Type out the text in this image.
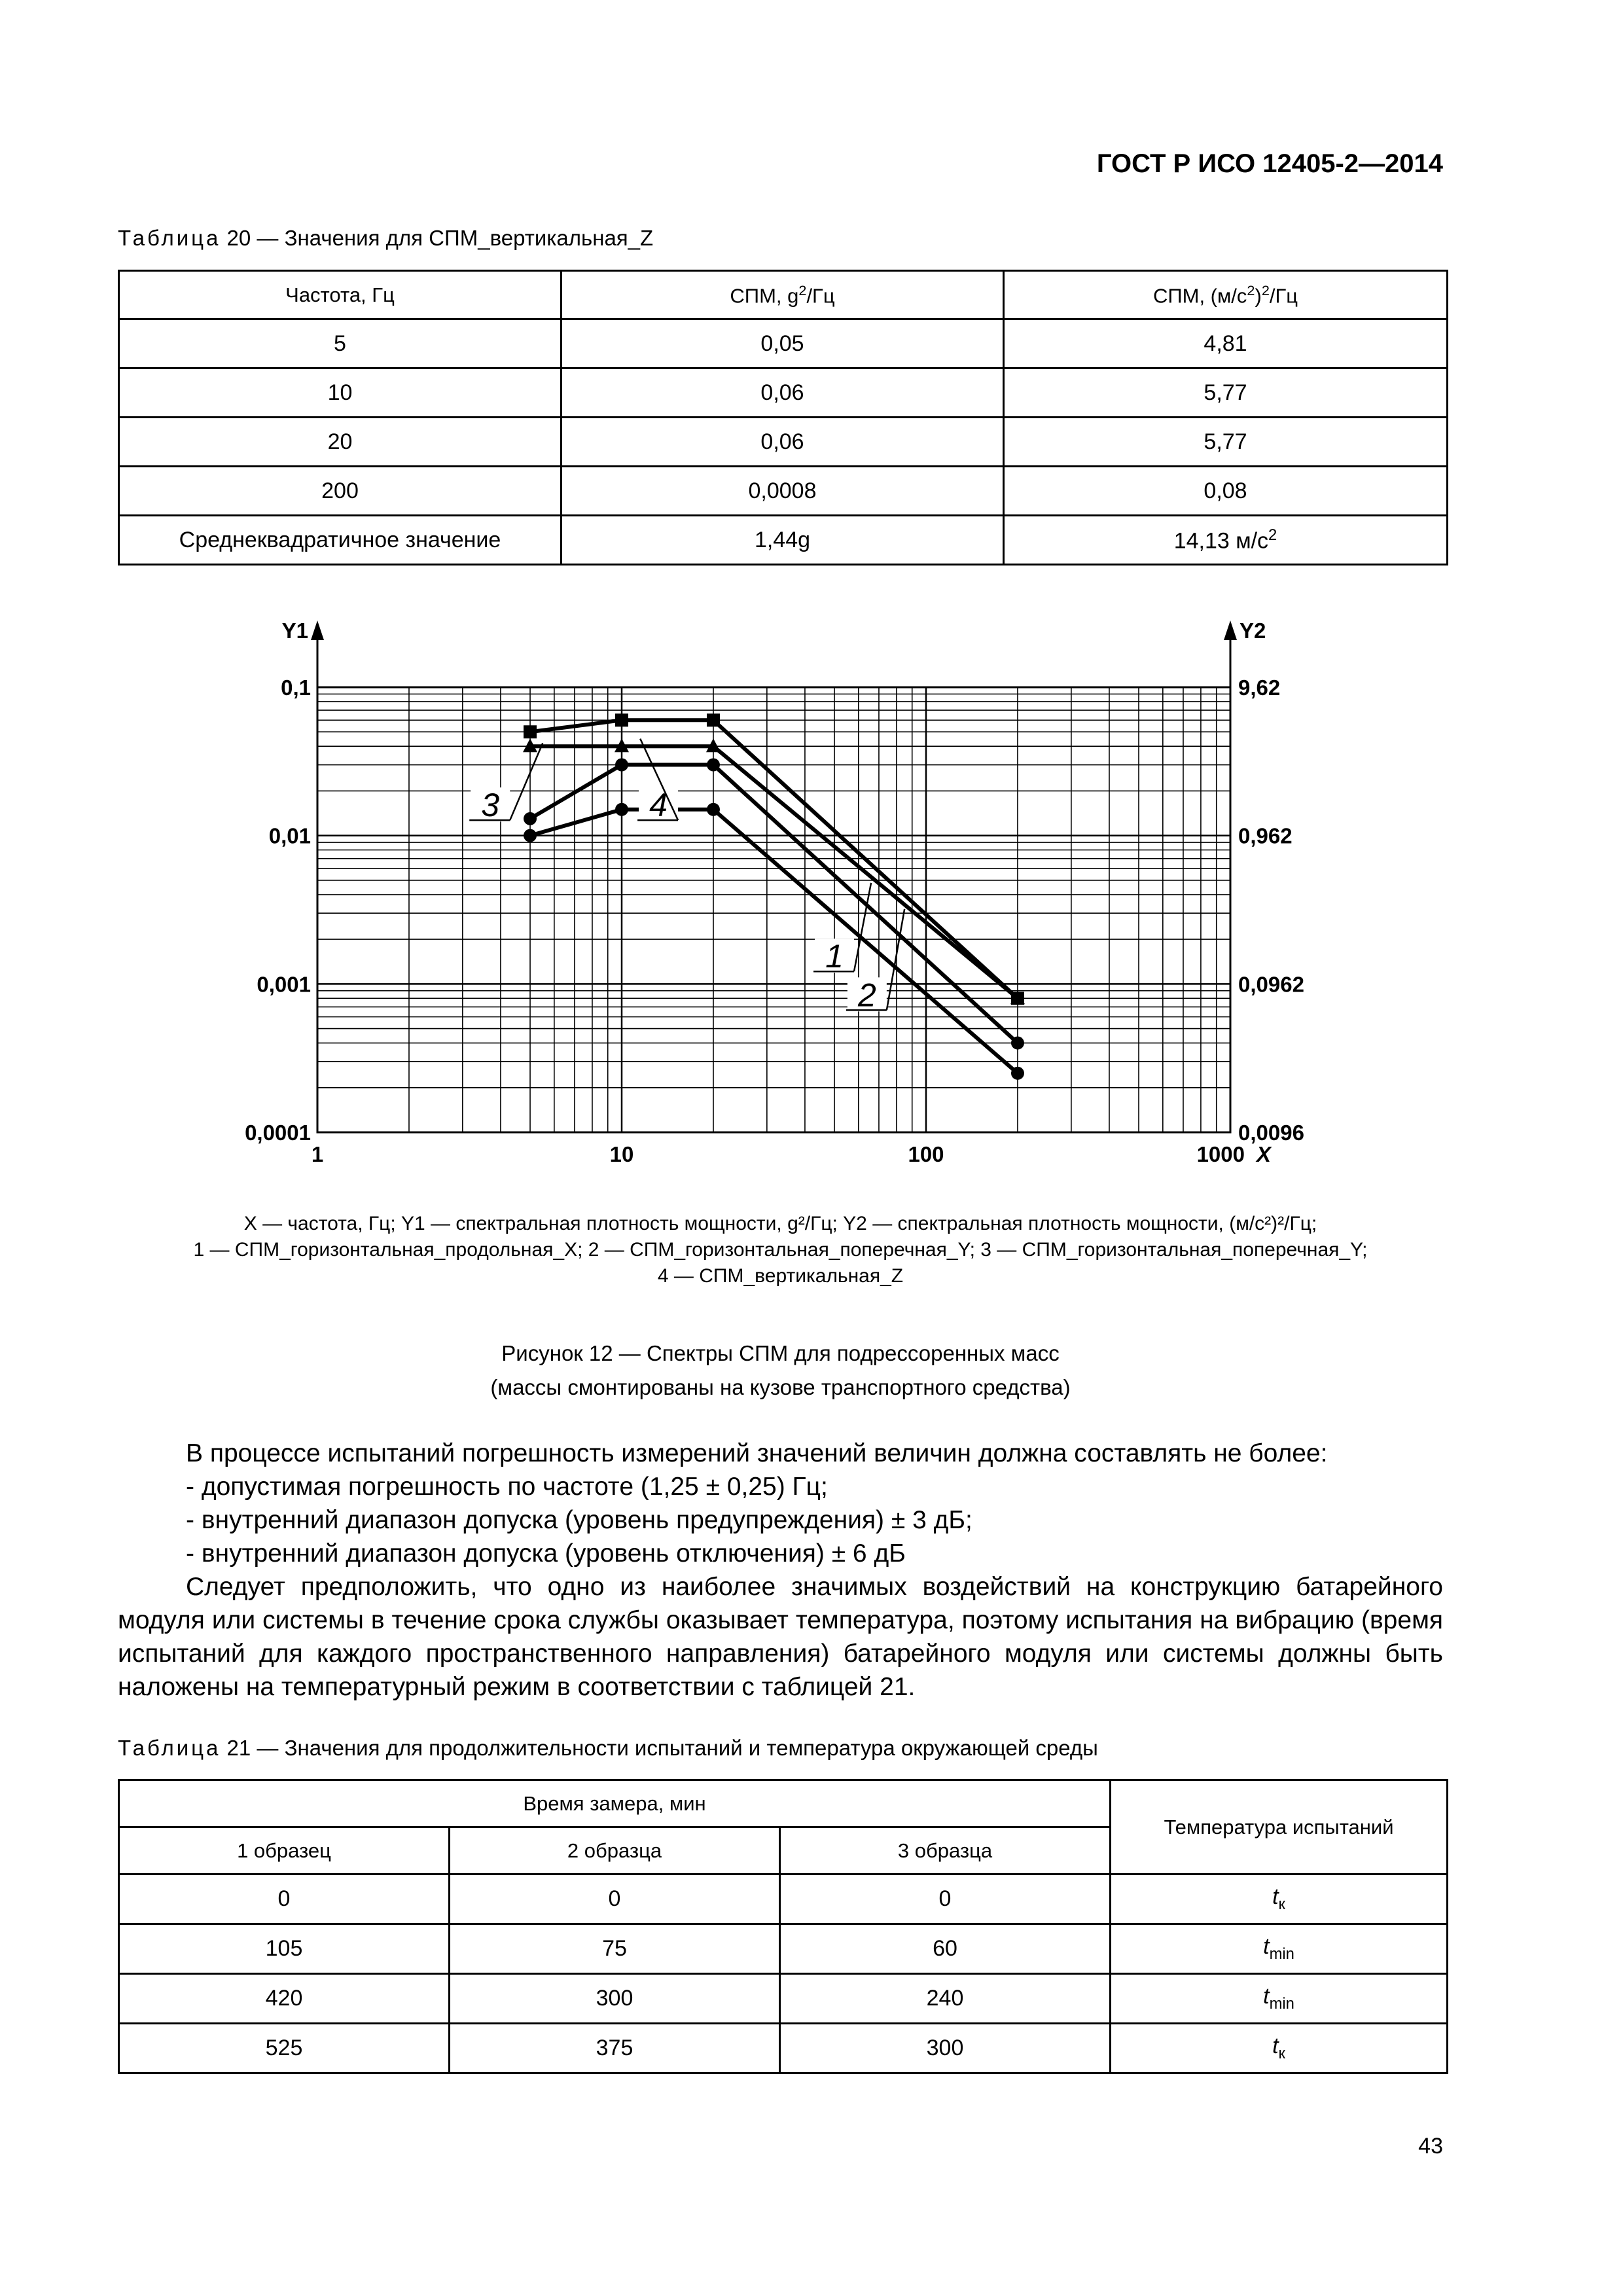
ГОСТ Р ИСО 12405-2—2014
Таблица 20 — Значения для СПМ_вертикальная_Z
Частота, Гц	СПМ, $g^2/Гц$	СПМ, $(м/с^2)^2/Гц$
5	0,05	4,81
10	0,06	5,77
20	0,06	5,77
200	0,0008	0,08
Среднеквадратичное значение	1,44g	14,13 $м/с^2$
Y1	Y2
X
1	10	100	1000
0,1
0,01
0,001
0,0001
9,62
0,962
0,0962
0,0096
3	4
1
2
X — частота, Гц; Y1 — спектральная плотность мощности, g²/Гц; Y2 — спектральная плотность мощности, (м/с²)²/Гц;
1 — СПМ_горизонтальная_продольная_X; 2 — СПМ_горизонтальная_поперечная_Y; 3 — СПМ_горизонтальная_поперечная_Y;
4 — СПМ_вертикальная_Z
Рисунок 12 — Спектры СПМ для подрессоренных масс
(массы смонтированы на кузове транспортного средства)
В процессе испытаний погрешность измерений значений величин должна составлять не более:
- допустимая погрешность по частоте (1,25 ± 0,25) Гц;
- внутренний диапазон допуска (уровень предупреждения) ± 3 дБ;
- внутренний диапазон допуска (уровень отключения) ± 6 дБ
Следует предположить, что одно из наиболее значимых воздействий на конструкцию батарейного модуля или системы в течение срока службы оказывает температура, поэтому испытания на вибрацию (время испытаний для каждого пространственного направления) батарейного модуля или системы должны быть наложены на температурный режим в соответствии с таблицей 21.
Таблица 21 — Значения для продолжительности испытаний и температура окружающей среды
Время замера, мин			Температура испытаний
1 образец	2 образца	3 образца	
0	0	0	$t_к$
105	75	60	$t_{min}$
420	300	240	$t_{min}$
525	375	300	$t_к$
43
